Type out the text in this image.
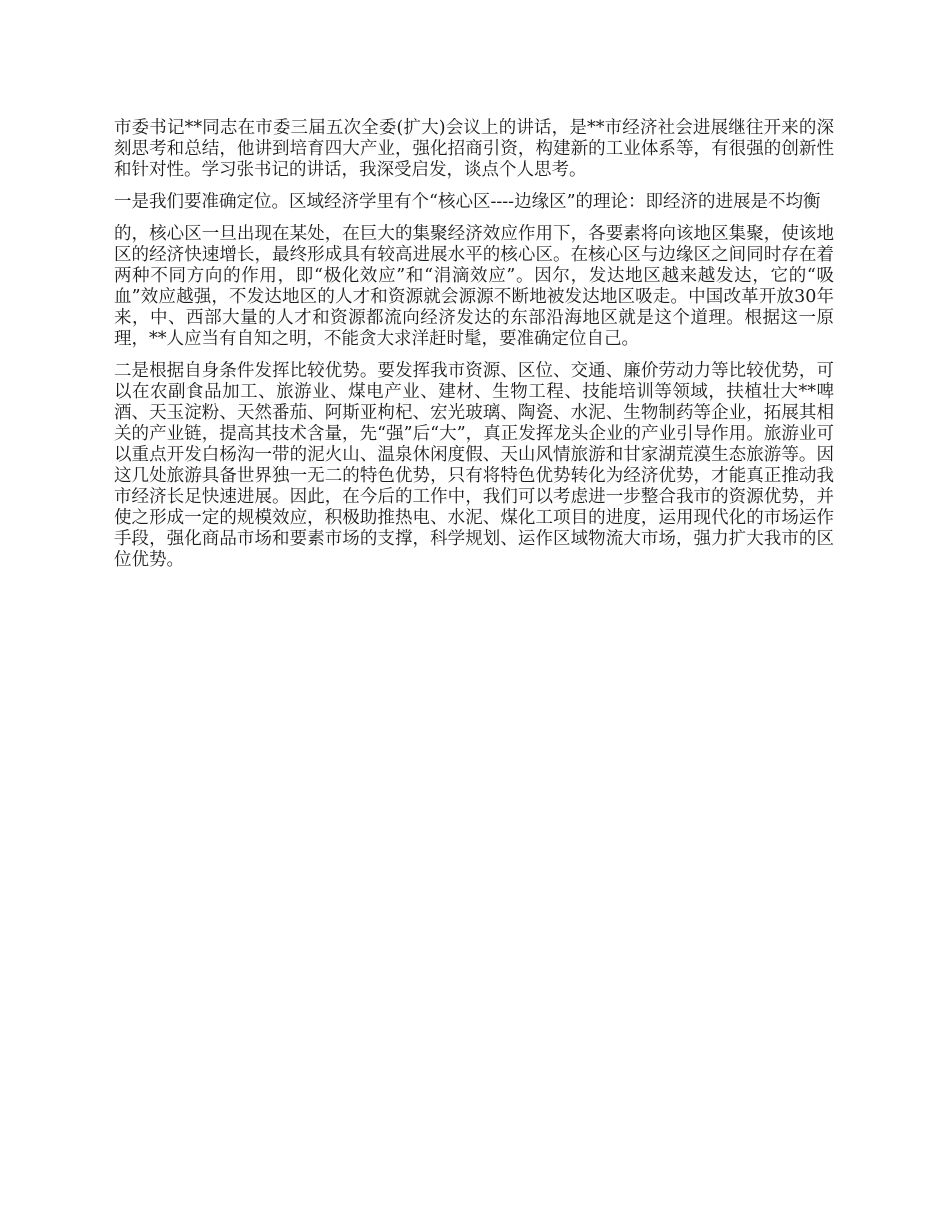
市委书记**同志在市委三届五次全委(扩大)会议上的讲话，是**市经济社会进展继往开来的深刻思考和总结，他讲到培育四大产业，强化招商引资，构建新的工业体系等，有很强的创新性和针对性。学习张书记的讲话，我深受启发，谈点个人思考。

一是我们要准确定位。区域经济学里有个“核心区----边缘区”的理论：即经济的进展是不均衡

的，核心区一旦出现在某处，在巨大的集聚经济效应作用下，各要素将向该地区集聚，使该地区的经济快速增长，最终形成具有较高进展水平的核心区。在核心区与边缘区之间同时存在着两种不同方向的作用，即“极化效应”和“涓滴效应”。因尔，发达地区越来越发达，它的“吸血”效应越强，不发达地区的人才和资源就会源源不断地被发达地区吸走。中国改革开放30年来，中、西部大量的人才和资源都流向经济发达的东部沿海地区就是这个道理。根据这一原理，**人应当有自知之明，不能贪大求洋赶时髦，要准确定位自己。

二是根据自身条件发挥比较优势。要发挥我市资源、区位、交通、廉价劳动力等比较优势，可以在农副食品加工、旅游业、煤电产业、建材、生物工程、技能培训等领域，扶植壮大**啤酒、天玉淀粉、天然番茄、阿斯亚枸杞、宏光玻璃、陶瓷、水泥、生物制药等企业，拓展其相关的产业链，提高其技术含量，先“强”后“大”，真正发挥龙头企业的产业引导作用。旅游业可以重点开发白杨沟一带的泥火山、温泉休闲度假、天山风情旅游和甘家湖荒漠生态旅游等。因这几处旅游具备世界独一无二的特色优势，只有将特色优势转化为经济优势，才能真正推动我市经济长足快速进展。因此，在今后的工作中，我们可以考虑进一步整合我市的资源优势，并使之形成一定的规模效应，积极助推热电、水泥、煤化工项目的进度，运用现代化的市场运作手段，强化商品市场和要素市场的支撑，科学规划、运作区域物流大市场，强力扩大我市的区位优势。
